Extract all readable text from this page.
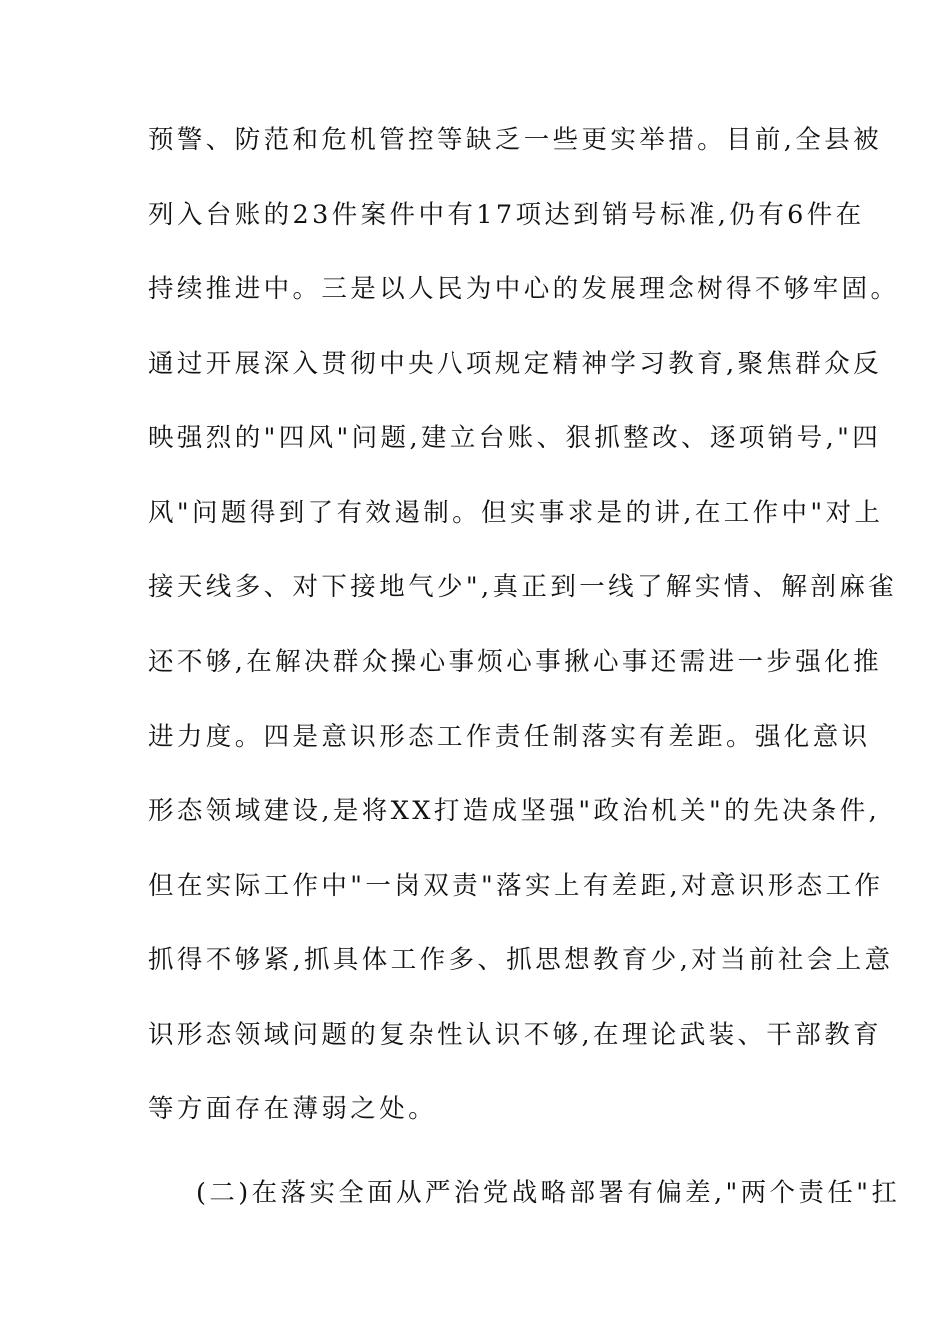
预警、防范和危机管控等缺乏一些更实举措。目前,全县被
列入台账的23件案件中有17项达到销号标准,仍有6件在
持续推进中。三是以人民为中心的发展理念树得不够牢固。
通过开展深入贯彻中央八项规定精神学习教育,聚焦群众反
映强烈的"四风"问题,建立台账、狠抓整改、逐项销号,"四
风"问题得到了有效遏制。但实事求是的讲,在工作中"对上
接天线多、对下接地气少",真正到一线了解实情、解剖麻雀
还不够,在解决群众操心事烦心事揪心事还需进一步强化推
进力度。四是意识形态工作责任制落实有差距。强化意识
形态领域建设,是将XX打造成坚强"政治机关"的先决条件,
但在实际工作中"一岗双责"落实上有差距,对意识形态工作
抓得不够紧,抓具体工作多、抓思想教育少,对当前社会上意
识形态领域问题的复杂性认识不够,在理论武装、干部教育
等方面存在薄弱之处。
(二)在落实全面从严治党战略部署有偏差,"两个责任"扛
